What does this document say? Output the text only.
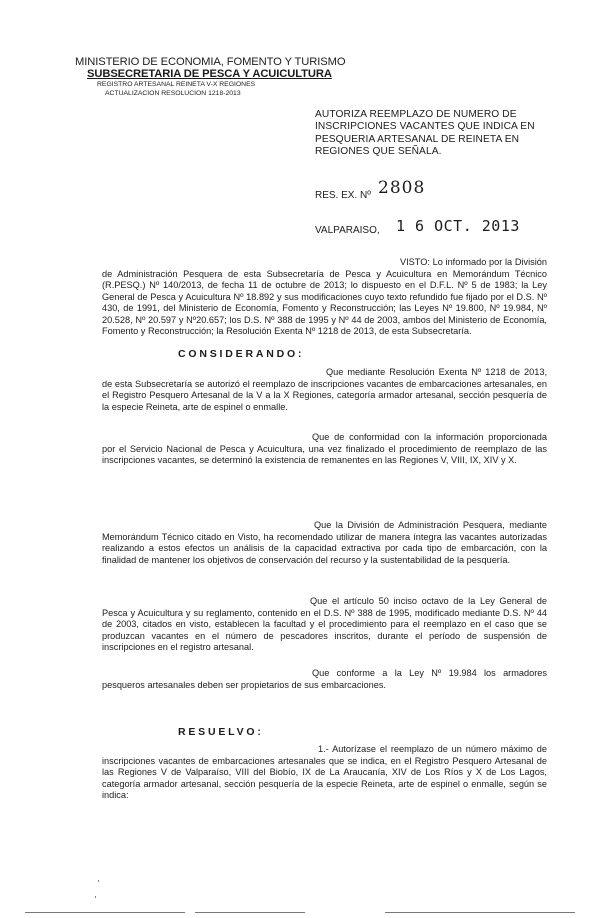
MINISTERIO DE ECONOMIA, FOMENTO Y TURISMO
SUBSECRETARIA DE PESCA Y ACUICULTURA
REGISTRO ARTESANAL REINETA V-X REGIONES
ACTUALIZACION RESOLUCION 1218-2013
AUTORIZA REEMPLAZO DE NUMERO DE INSCRIPCIONES VACANTES QUE INDICA EN PESQUERIA ARTESANAL DE REINETA EN REGIONES QUE SEÑALA.
RES. EX. Nº 2808
VALPARAISO, 1 6 OCT. 2013

VISTO: Lo informado por la División de Administración Pesquera de esta Subsecretaría de Pesca y Acuicultura en Memorándum Técnico (R.PESQ.) Nº 140/2013, de fecha 11 de octubre de 2013; lo dispuesto en el D.F.L. Nº 5 de 1983; la Ley General de Pesca y Acuicultura Nº 18.892 y sus modificaciones cuyo texto refundido fue fijado por el D.S. Nº 430, de 1991, del Ministerio de Economía, Fomento y Reconstrucción; las Leyes Nº 19.800, Nº 19.984, Nº 20.528, Nº 20.597 y Nº20.657; los D.S. Nº 388 de 1995 y Nº 44 de 2003, ambos del Ministerio de Economía, Fomento y Reconstrucción; la Resolución Exenta Nº 1218 de 2013, de esta Subsecretaría.

CONSIDERANDO:

Que mediante Resolución Exenta Nº 1218 de 2013, de esta Subsecretaría se autorizó el reemplazo de inscripciones vacantes de embarcaciones artesanales, en el Registro Pesquero Artesanal de la V a la X Regiones, categoría armador artesanal, sección pesquería de la especie Reineta, arte de espinel o enmalle.

Que de conformidad con la información proporcionada por el Servicio Nacional de Pesca y Acuicultura, una vez finalizado el procedimiento de reemplazo de las inscripciones vacantes, se determinó la existencia de remanentes en las Regiones V, VIII, IX, XIV y X.

Que la División de Administración Pesquera, mediante Memorándum Técnico citado en Visto, ha recomendado utilizar de manera íntegra las vacantes autorizadas realizando a estos efectos un análisis de la capacidad extractiva por cada tipo de embarcación, con la finalidad de mantener los objetivos de conservación del recurso y la sustentabilidad de la pesquería.

Que el artículo 50 inciso octavo de la Ley General de Pesca y Acuicultura y su reglamento, contenido en el D.S. Nº 388 de 1995, modificado mediante D.S. Nº 44 de 2003, citados en visto, establecen la facultad y el procedimiento para el reemplazo en el caso que se produzcan vacantes en el número de pescadores inscritos, durante el período de suspensión de inscripciones en el registro artesanal.

Que conforme a la Ley Nº 19.984 los armadores pesqueros artesanales deben ser propietarios de sus embarcaciones.

RESUELVO:

1.- Autorízase el reemplazo de un número máximo de inscripciones vacantes de embarcaciones artesanales que se indica, en el Registro Pesquero Artesanal de las Regiones V de Valparaíso, VIII del Biobío, IX de La Araucanía, XIV de Los Ríos y X de Los Lagos, categoría armador artesanal, sección pesquería de la especie Reineta, arte de espinel o enmalle, según se indica:
